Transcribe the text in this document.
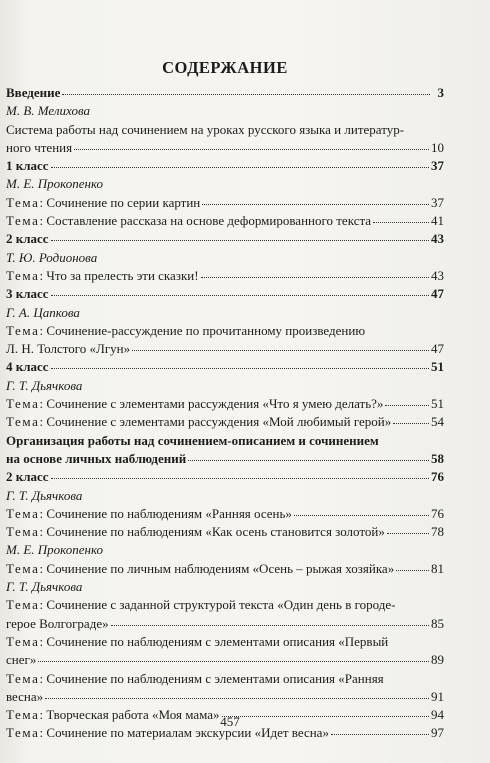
СОДЕРЖАНИЕ
Введение	3
М. В. Мелихова
Система работы над сочинением на уроках русского языка и литератур-
ного чтения	10
1 класс	37
М. Е. Прокопенко
Тема: Сочинение по серии картин	37
Тема: Составление рассказа на основе деформированного текста	41
2 класс	43
Т. Ю. Родионова
Тема: Что за прелесть эти сказки!	43
3 класс	47
Г. А. Цапкова
Тема: Сочинение-рассуждение по прочитанному произведению
Л. Н. Толстого «Лгун»	47
4 класс	51
Г. Т. Дьячкова
Тема: Сочинение с элементами рассуждения «Что я умею делать?»	51
Тема: Сочинение с элементами рассуждения «Мой любимый герой»	54
Организация работы над сочинением-описанием и сочинением
на основе личных наблюдений	58
2 класс	76
Г. Т. Дьячкова
Тема: Сочинение по наблюдениям «Ранняя осень»	76
Тема: Сочинение по наблюдениям «Как осень становится золотой»	78
М. Е. Прокопенко
Тема: Сочинение по личным наблюдениям «Осень – рыжая хозяйка»	81
Г. Т. Дьячкова
Тема: Сочинение с заданной структурой текста «Один день в городе-
герое Волгограде»	85
Тема: Сочинение по наблюдениям с элементами описания «Первый
снег»	89
Тема: Сочинение по наблюдениям с элементами описания «Ранняя
весна»	91
Тема: Творческая работа «Моя мама»	94
Тема: Сочинение по материалам экскурсии «Идет весна»	97
457
